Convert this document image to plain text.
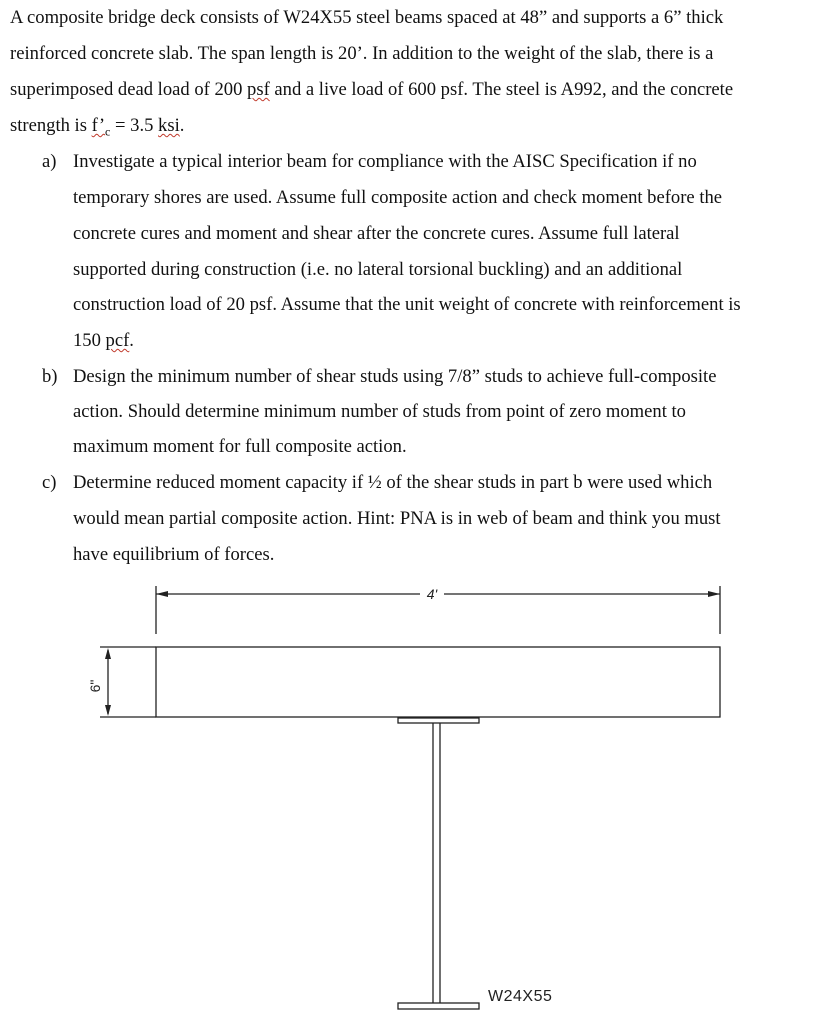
A composite bridge deck consists of W24X55 steel beams spaced at 48” and supports a 6” thick
reinforced concrete slab. The span length is 20’. In addition to the weight of the slab, there is a
superimposed dead load of 200 psf and a live load of 600 psf. The steel is A992, and the concrete
strength is $f’_c = 3.5$ ksi.
a) Investigate a typical interior beam for compliance with the AISC Specification if no
temporary shores are used. Assume full composite action and check moment before the
concrete cures and moment and shear after the concrete cures. Assume full lateral
supported during construction (i.e. no lateral torsional buckling) and an additional
construction load of 20 psf. Assume that the unit weight of concrete with reinforcement is
150 pcf.
b) Design the minimum number of shear studs using 7/8” studs to achieve full-composite
action. Should determine minimum number of studs from point of zero moment to
maximum moment for full composite action.
c) Determine reduced moment capacity if ½ of the shear studs in part b were used which
would mean partial composite action. Hint: PNA is in web of beam and think you must
have equilibrium of forces.
4'
6"
W24X55
